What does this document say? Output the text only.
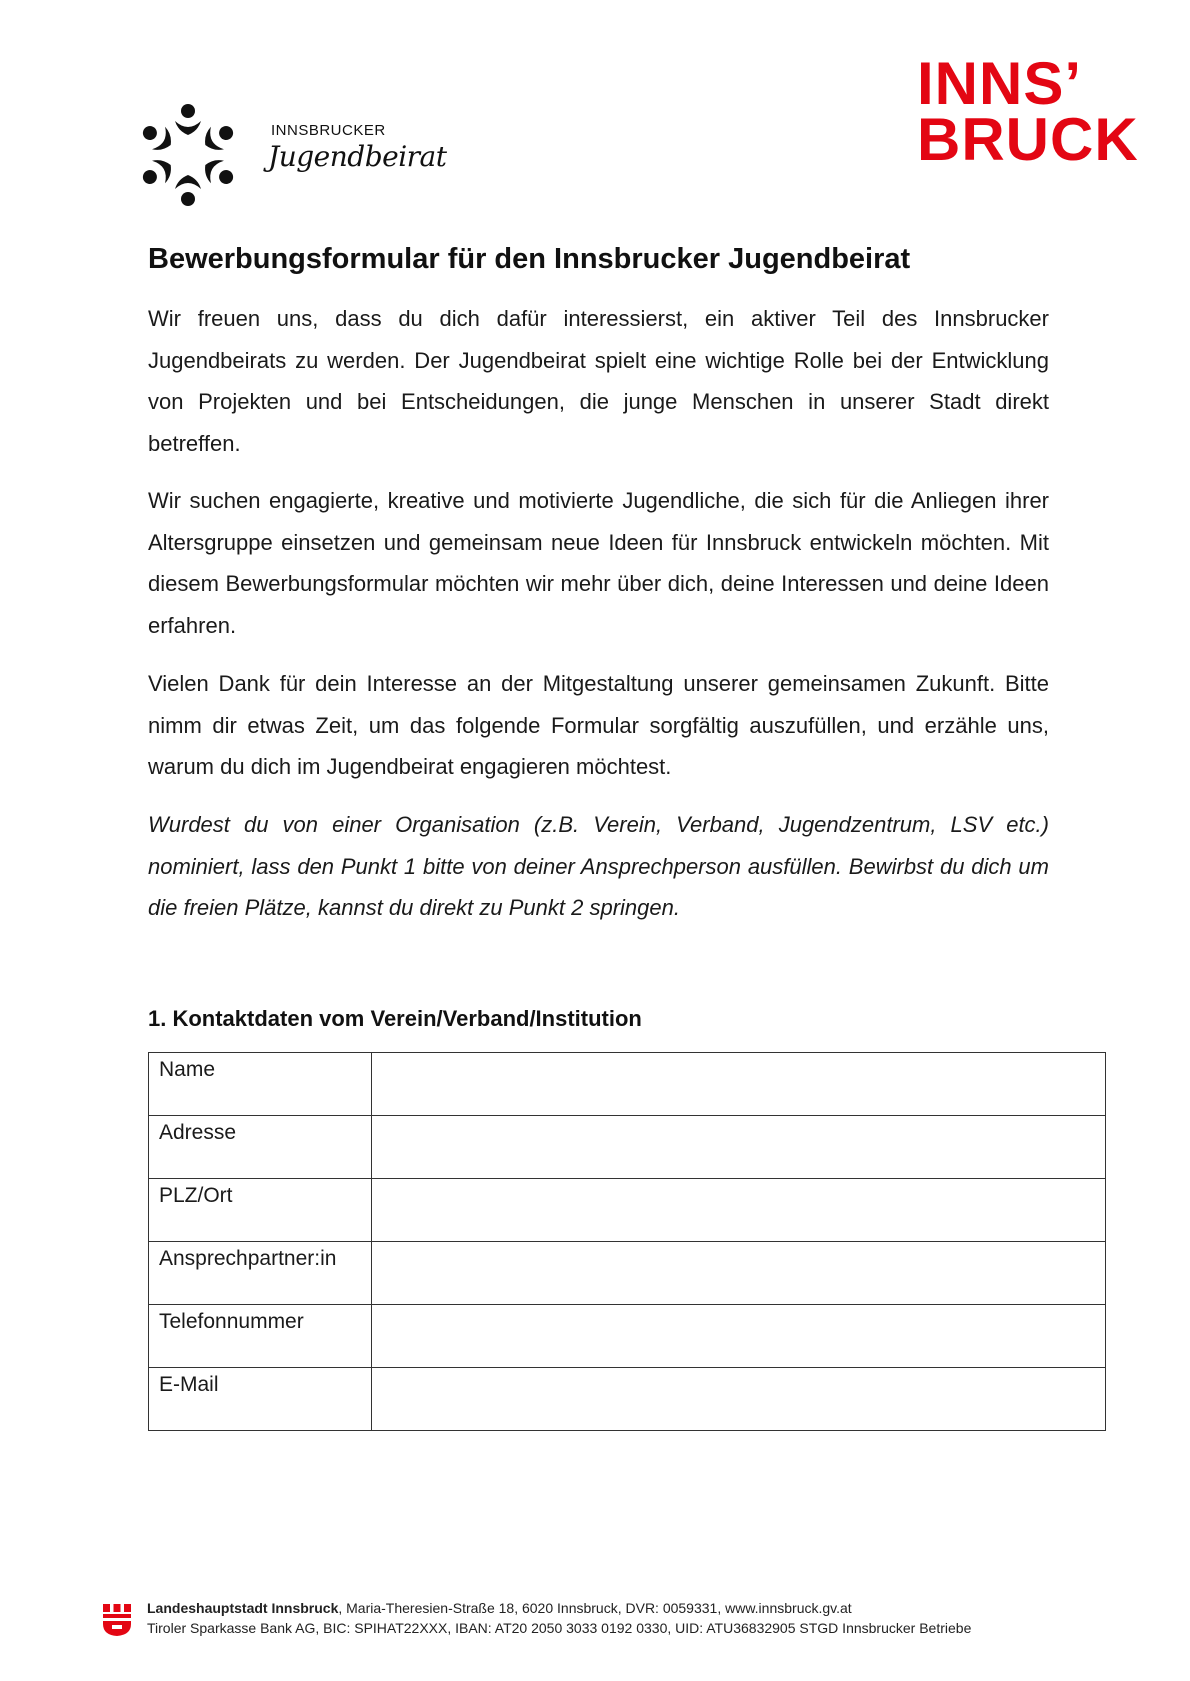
INNSBRUCKER
Jugendbeirat
INNS’
BRUCK
Bewerbungsformular für den Innsbrucker Jugendbeirat

Wir freuen uns, dass du dich dafür interessierst, ein aktiver Teil des Innsbrucker Jugendbeirats zu werden. Der Jugendbeirat spielt eine wichtige Rolle bei der Entwicklung von Projekten und bei Entscheidungen, die junge Menschen in unserer Stadt direkt betreffen.

Wir suchen engagierte, kreative und motivierte Jugendliche, die sich für die Anliegen ihrer Altersgruppe einsetzen und gemeinsam neue Ideen für Innsbruck entwickeln möchten. Mit diesem Bewerbungsformular möchten wir mehr über dich, deine Interessen und deine Ideen erfahren.

Vielen Dank für dein Interesse an der Mitgestaltung unserer gemeinsamen Zukunft. Bitte nimm dir etwas Zeit, um das folgende Formular sorgfältig auszufüllen, und erzähle uns, warum du dich im Jugendbeirat engagieren möchtest.

Wurdest du von einer Organisation (z.B. Verein, Verband, Jugendzentrum, LSV etc.) nominiert, lass den Punkt 1 bitte von deiner Ansprechperson ausfüllen. Bewirbst du dich um die freien Plätze, kannst du direkt zu Punkt 2 springen.

1. Kontaktdaten vom Verein/Verband/Institution
Name	
Adresse	
PLZ/Ort	
Ansprechpartner:in	
Telefonnummer	
E-Mail	
Landeshauptstadt Innsbruck, Maria-Theresien-Straße 18, 6020 Innsbruck, DVR: 0059331, www.innsbruck.gv.at
Tiroler Sparkasse Bank AG, BIC: SPIHAT22XXX, IBAN: AT20 2050 3033 0192 0330, UID: ATU36832905 STGD Innsbrucker Betriebe
